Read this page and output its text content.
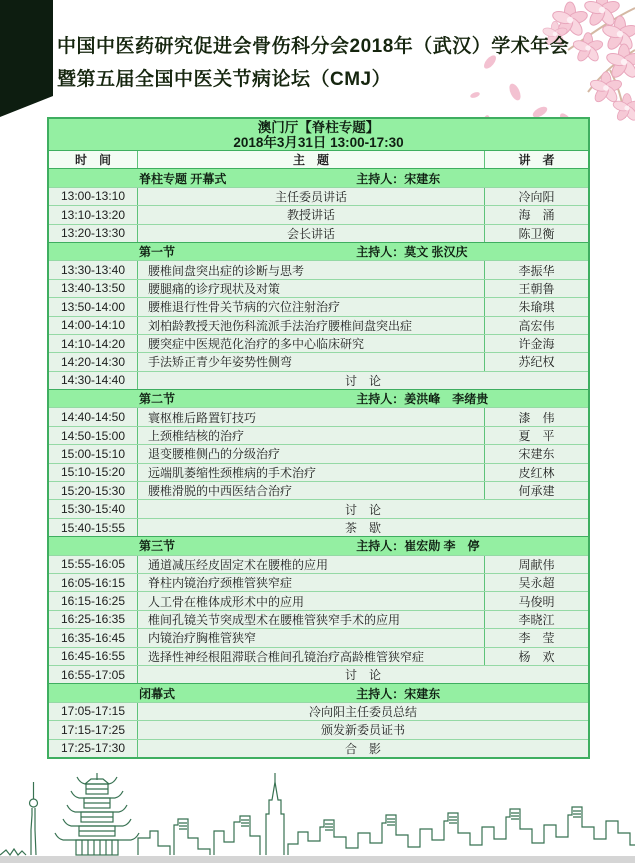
中国中医药研究促进会骨伤科分会2018年（武汉）学术年会
暨第五届全国中医关节病论坛（CMJ）
澳门厅【脊柱专题】
2018年3月31日 13:00-17:30
时　间	主　题	讲　者
脊柱专题 开幕式	主持人：宋建东
13:00-13:10	主任委员讲话	冷向阳
13:10-13:20	教授讲话	海　涌
13:20-13:30	会长讲话	陈卫衡
第一节	主持人：莫文 张汉庆
13:30-13:40	腰椎间盘突出症的诊断与思考	李振华
13:40-13:50	腰腿痛的诊疗现状及对策	王朝鲁
13:50-14:00	腰椎退行性骨关节病的穴位注射治疗	朱瑜琪
14:00-14:10	刘柏龄教授天池伤科流派手法治疗腰椎间盘突出症	高宏伟
14:10-14:20	腰突症中医规范化治疗的多中心临床研究	许金海
14:20-14:30	手法矫正青少年姿势性侧弯	苏纪权
14:30-14:40	讨　论
第二节	主持人：姜洪峰　李绪贵
14:40-14:50	寰枢椎后路置钉技巧	漆　伟
14:50-15:00	上颈椎结核的治疗	夏　平
15:00-15:10	退变腰椎侧凸的分级治疗	宋建东
15:10-15:20	远端肌萎缩性颈椎病的手术治疗	皮红林
15:20-15:30	腰椎滑脱的中西医结合治疗	何承建
15:30-15:40	讨　论
15:40-15:55	茶　歇
第三节	主持人：崔宏勋 李　停
15:55-16:05	通道减压经皮固定术在腰椎的应用	周献伟
16:05-16:15	脊柱内镜治疗颈椎管狭窄症	吴永超
16:15-16:25	人工骨在椎体成形术中的应用	马俊明
16:25-16:35	椎间孔镜关节突成型术在腰椎管狭窄手术的应用	李晓江
16:35-16:45	内镜治疗胸椎管狭窄	李　莹
16:45-16:55	选择性神经根阻滞联合椎间孔镜治疗高龄椎管狭窄症	杨　欢
16:55-17:05	讨　论
闭幕式	主持人：宋建东
17:05-17:15	冷向阳主任委员总结
17:15-17:25	颁发新委员证书
17:25-17:30	合　影
